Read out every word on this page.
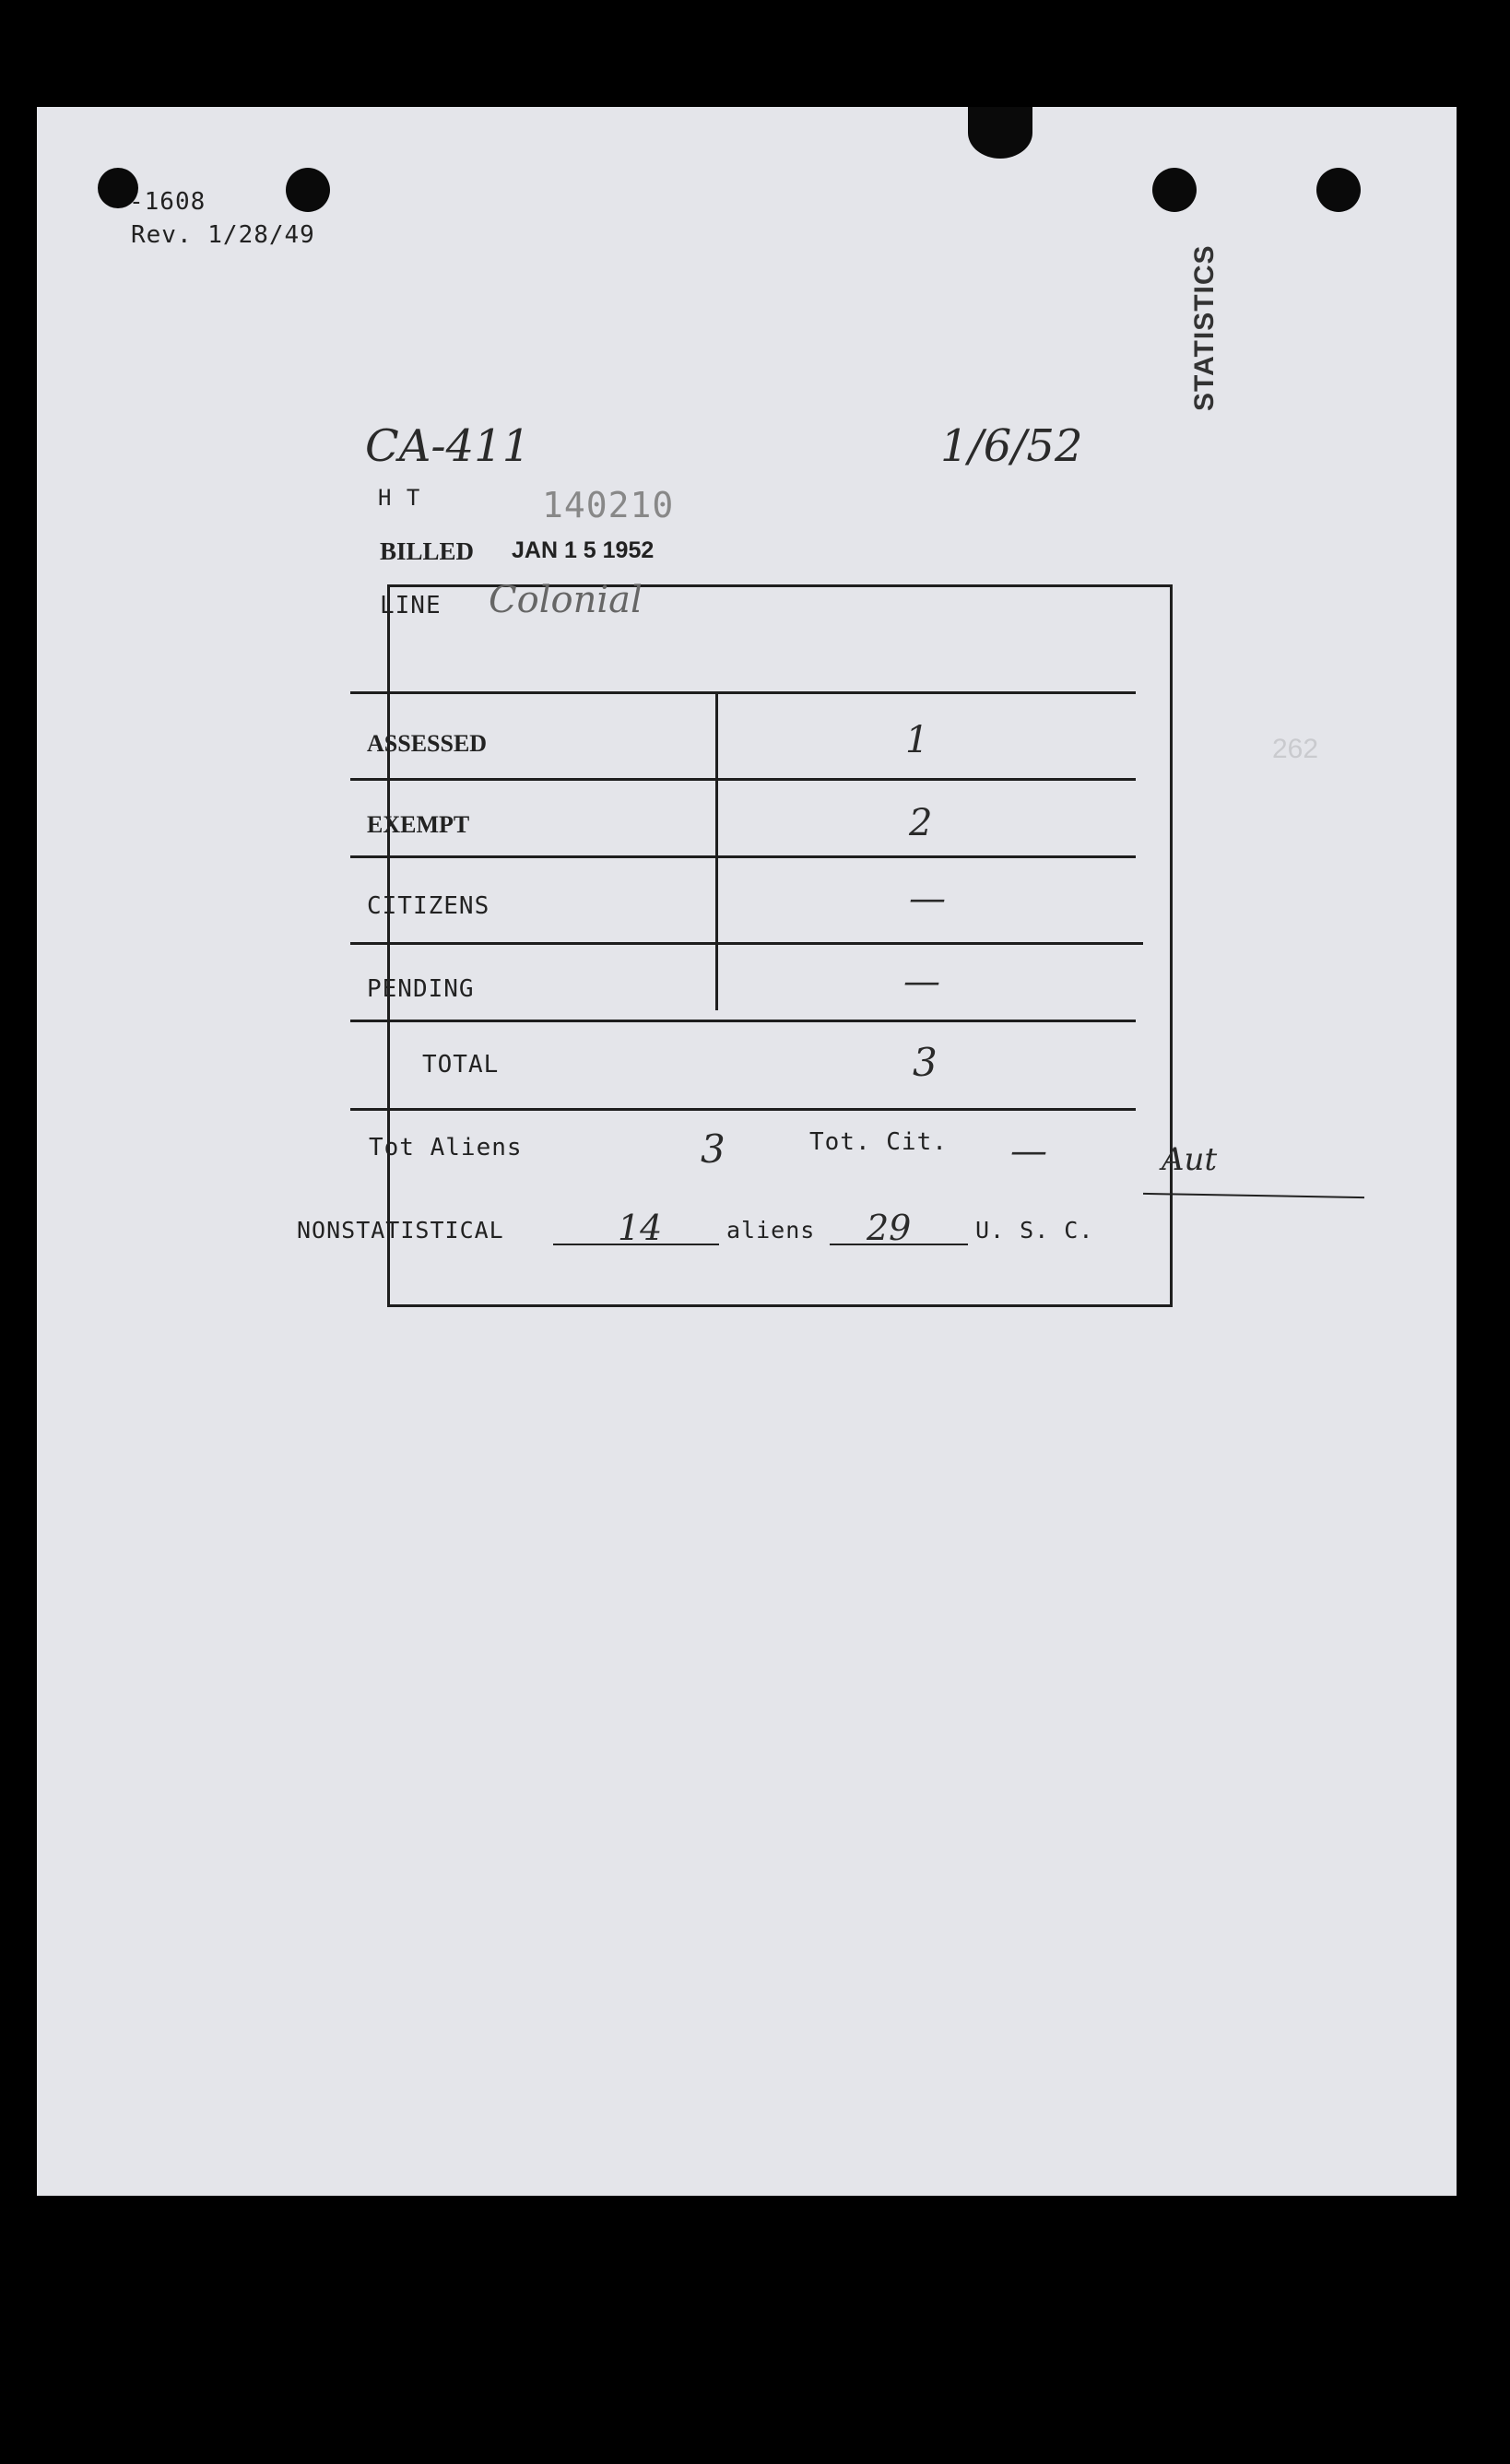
-1608
Rev. 1/28/49
STATISTICS
262
CA-411	1/6/52
H T	140210
BILLED JAN 1 5 1952
LINE Colonial
ASSESSED	1
EXEMPT	2
CITIZENS	—
PENDING	—
TOTAL	3
Tot Aliens	3	Tot. Cit. —	Aut
NONSTATISTICAL	14	aliens 29	U. S. C.
